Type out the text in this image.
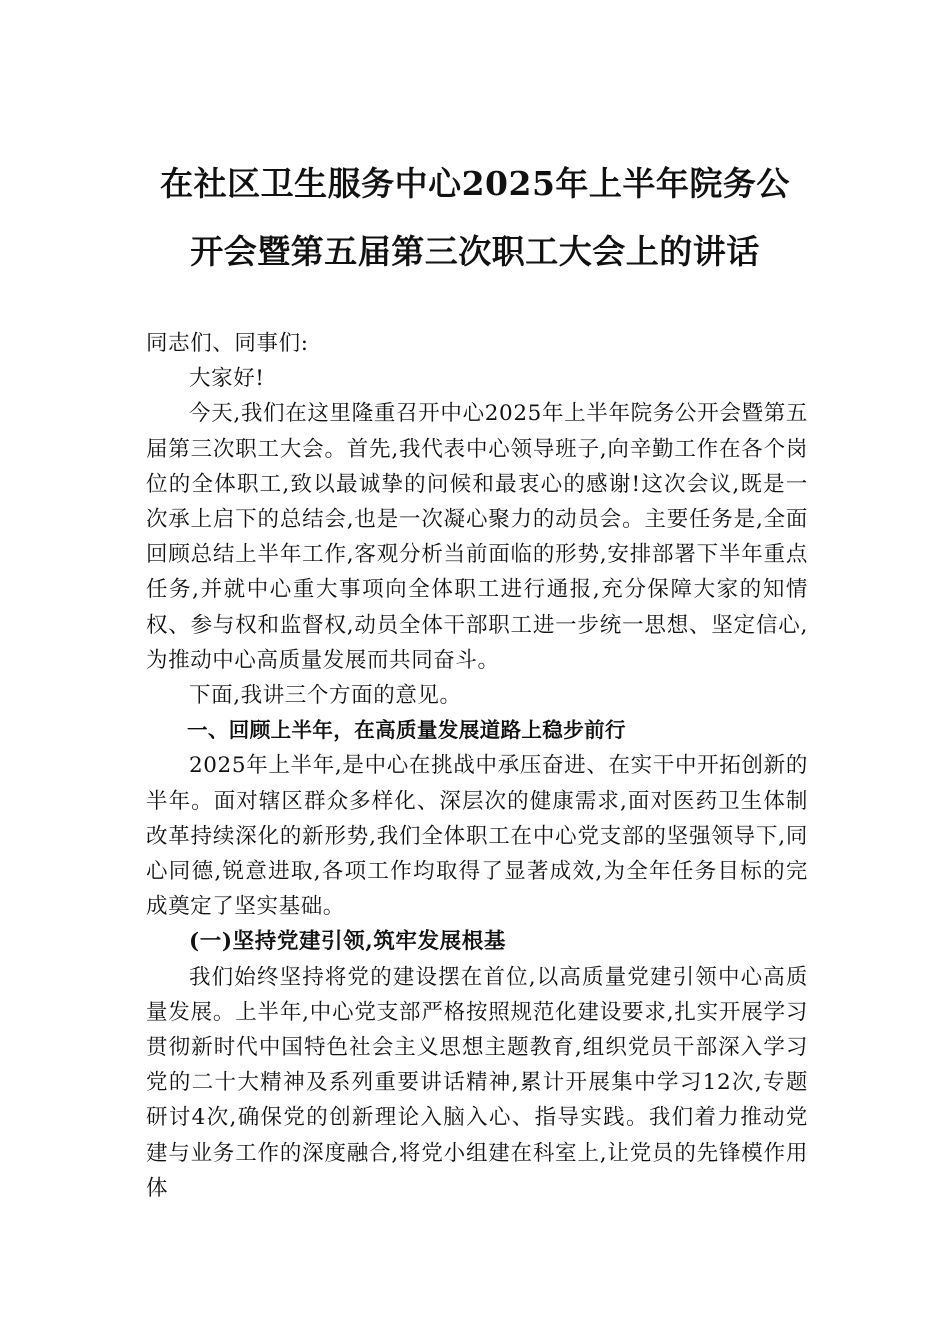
在社区卫生服务中心2025年上半年院务公
开会暨第五届第三次职工大会上的讲话

同志们、同事们:

大家好!

今天,我们在这里隆重召开中心2025年上半年院务公开会暨第五届第三次职工大会。首先,我代表中心领导班子,向辛勤工作在各个岗位的全体职工,致以最诚挚的问候和最衷心的感谢!这次会议,既是一次承上启下的总结会,也是一次凝心聚力的动员会。主要任务是,全面回顾总结上半年工作,客观分析当前面临的形势,安排部署下半年重点任务,并就中心重大事项向全体职工进行通报,充分保障大家的知情权、参与权和监督权,动员全体干部职工进一步统一思想、坚定信心,为推动中心高质量发展而共同奋斗。

下面,我讲三个方面的意见。

一、回顾上半年，在高质量发展道路上稳步前行

2025年上半年,是中心在挑战中承压奋进、在实干中开拓创新的半年。面对辖区群众多样化、深层次的健康需求,面对医药卫生体制改革持续深化的新形势,我们全体职工在中心党支部的坚强领导下,同心同德,锐意进取,各项工作均取得了显著成效,为全年任务目标的完成奠定了坚实基础。

(一)坚持党建引领,筑牢发展根基

我们始终坚持将党的建设摆在首位,以高质量党建引领中心高质量发展。上半年,中心党支部严格按照规范化建设要求,扎实开展学习贯彻新时代中国特色社会主义思想主题教育,组织党员干部深入学习党的二十大精神及系列重要讲话精神,累计开展集中学习12次,专题研讨4次,确保党的创新理论入脑入心、指导实践。我们着力推动党建与业务工作的深度融合,将党小组建在科室上,让党员的先锋模作用体
